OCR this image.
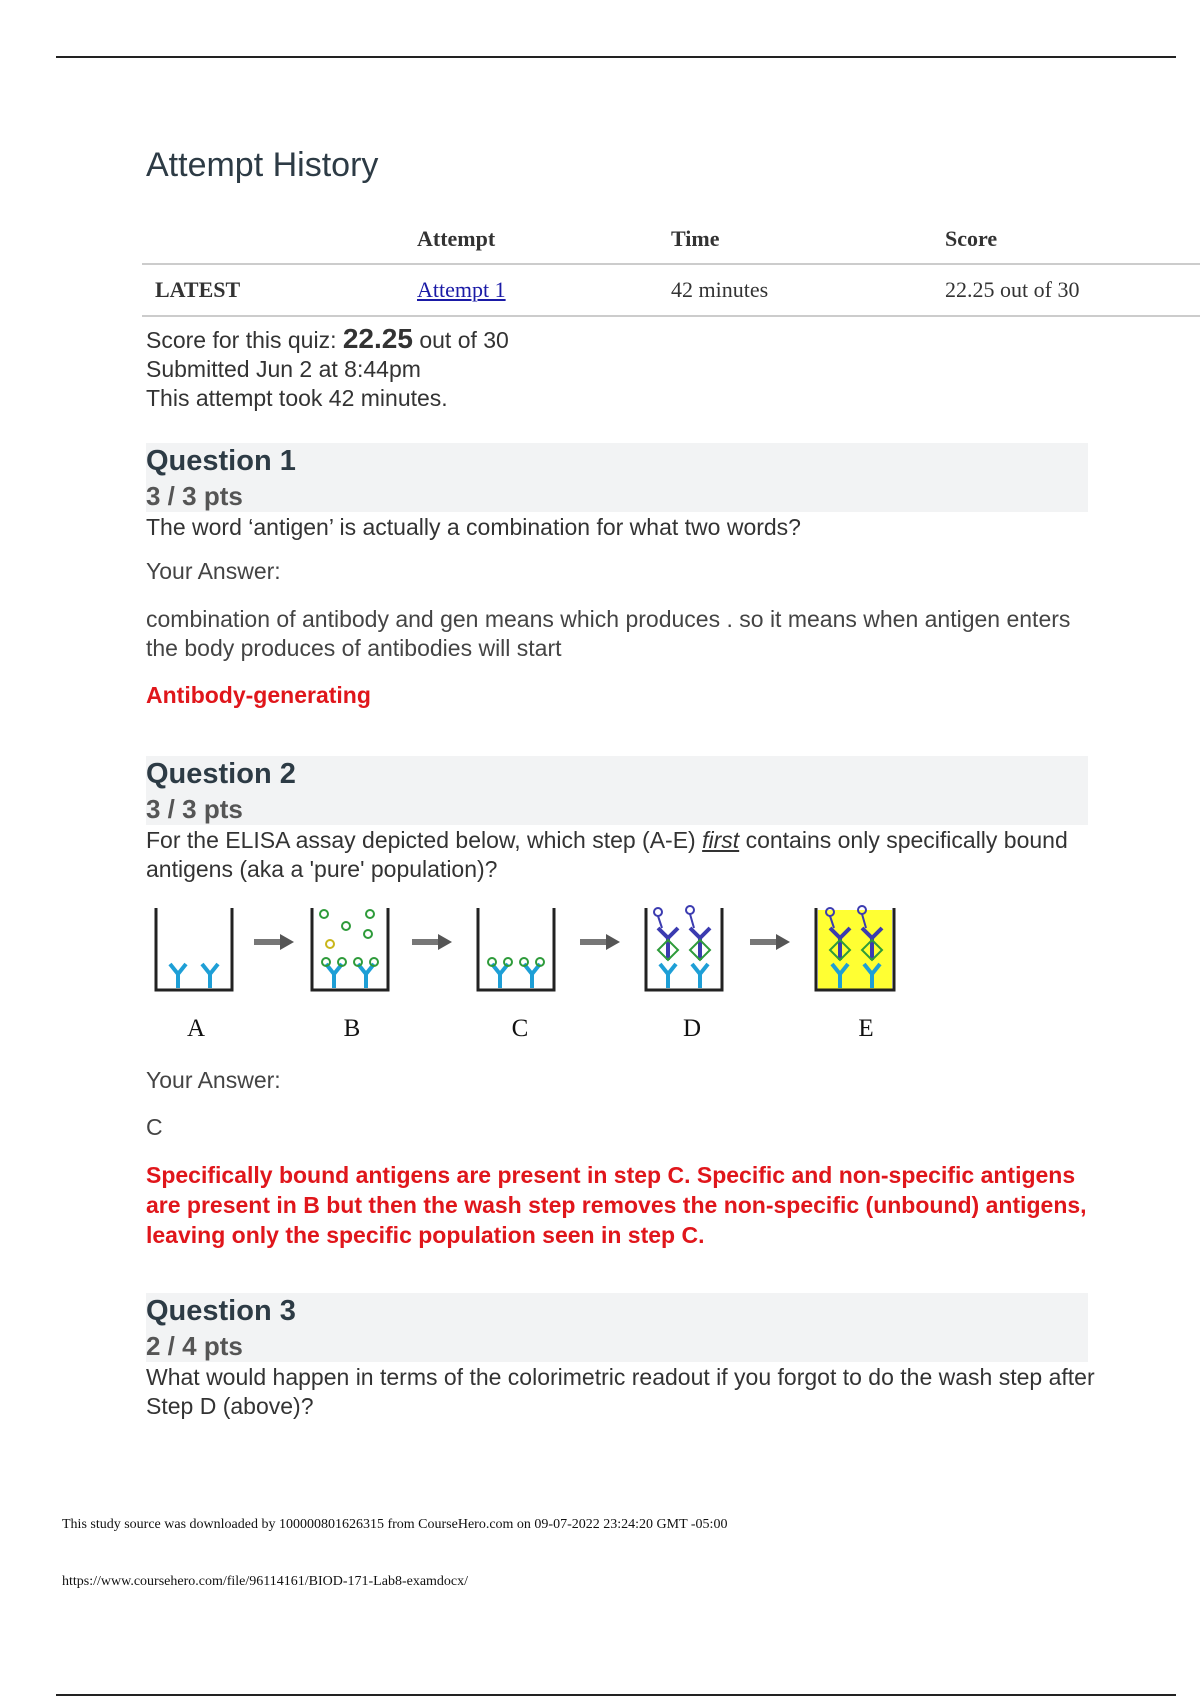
Attempt History
	Attempt	Time	Score
LATEST	Attempt 1	42 minutes	22.25 out of 30
Score for this quiz: 22.25 out of 30
Submitted Jun 2 at 8:44pm
This attempt took 42 minutes.
Question 1
3 / 3 pts
The word ‘antigen’ is actually a combination for what two words?
Your Answer:
combination of antibody and gen means which produces . so it means when antigen enters the body produces of antibodies will start
Antibody-generating
Question 2
3 / 3 pts
For the ELISA assay depicted below, which step (A-E) first contains only specifically bound antigens (aka a 'pure' population)?
A	B	C	D	E
Your Answer:
C
Specifically bound antigens are present in step C. Specific and non-specific antigens are present in B but then the wash step removes the non-specific (unbound) antigens, leaving only the specific population seen in step C.
Question 3
2 / 4 pts
What would happen in terms of the colorimetric readout if you forgot to do the wash step after Step D (above)?
This study source was downloaded by 100000801626315 from CourseHero.com on 09-07-2022 23:24:20 GMT -05:00
https://www.coursehero.com/file/96114161/BIOD-171-Lab8-examdocx/
